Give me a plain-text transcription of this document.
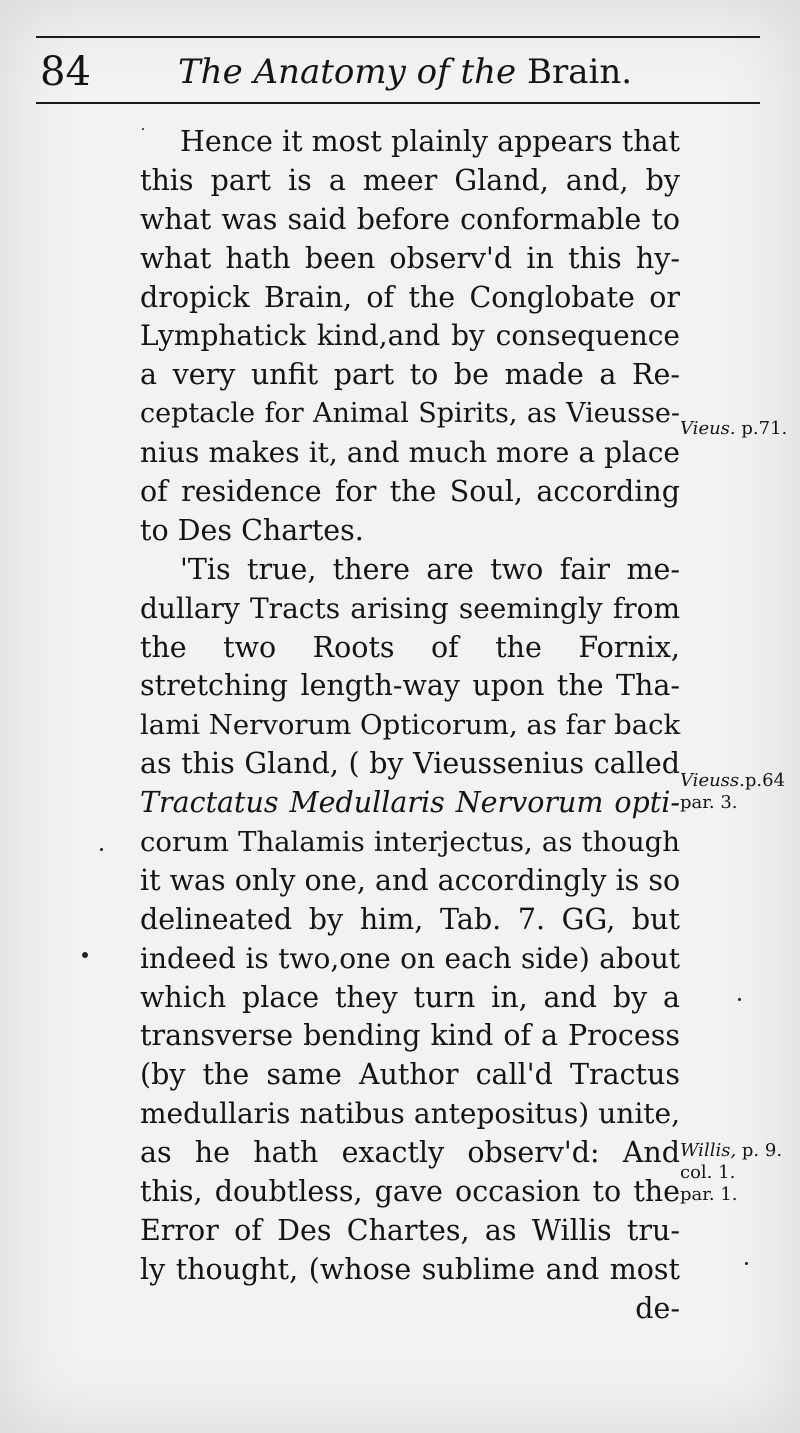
84	The Anatomy of the Brain.
Hence it most plainly appears that
this part is a meer Gland, and, by
what was said before conformable to
what hath been observ'd in this hy-
dropick Brain, of the Conglobate or
Lymphatick kind,and by consequence
a very unfit part to be made a Re-
ceptacle for Animal Spirits, as Vieusse-
nius makes it, and much more a place
of residence for the Soul, according
to Des Chartes.
'Tis true, there are two fair me-
dullary Tracts arising seemingly from
the two Roots of the Fornix,
stretching length-way upon the Tha-
lami Nervorum Opticorum, as far back
as this Gland, ( by Vieussenius called
Tractatus Medullaris Nervorum opti-
corum Thalamis interjectus, as though
it was only one, and accordingly is so
delineated by him, Tab. 7. GG, but
indeed is two,one on each side) about
which place they turn in, and by a
transverse bending kind of a Process
(by the same Author call'd Tractus
medullaris natibus antepositus) unite,
as he hath exactly observ'd: And
this, doubtless, gave occasion to the
Error of Des Chartes, as Willis tru-
ly thought, (whose sublime and most
de-
Vieus. p.71.
Vieuss.p.64
par. 3.
Willis, p. 9.
col. 1.
par. 1.
